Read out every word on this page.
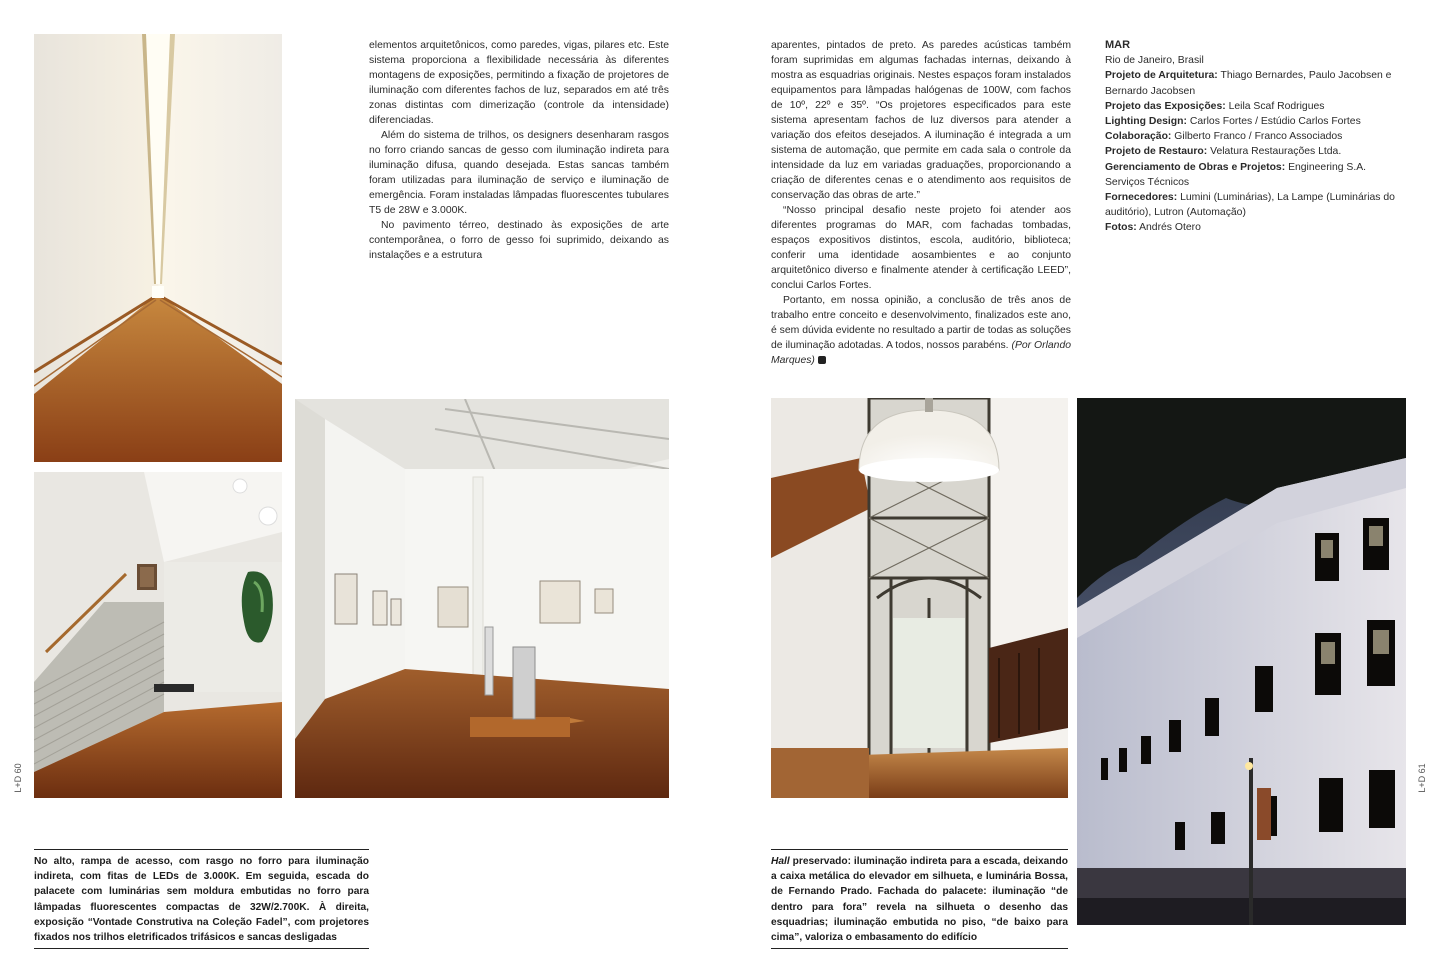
elementos arquitetônicos, como paredes, vigas, pilares etc. Este sistema proporciona a flexibilidade necessária às diferentes montagens de exposições, permitindo a fixação de projetores de iluminação com diferentes fachos de luz, separados em até três zonas distintas com dimerização (controle da intensidade) diferenciadas.

Além do sistema de trilhos, os designers desenharam rasgos no forro criando sancas de gesso com iluminação indireta para iluminação difusa, quando desejada. Estas sancas também foram utilizadas para iluminação de serviço e iluminação de emergência. Foram instaladas lâmpadas fluorescentes tubulares T5 de 28W e 3.000K.

No pavimento térreo, destinado às exposições de arte contemporânea, o forro de gesso foi suprimido, deixando as instalações e a estrutura

aparentes, pintados de preto. As paredes acústicas também foram suprimidas em algumas fachadas internas, deixando à mostra as esquadrias originais. Nestes espaços foram instalados equipamentos para lâmpadas halógenas de 100W, com fachos de 10º, 22º e 35º. “Os projetores especificados para este sistema apresentam fachos de luz diversos para atender a variação dos efeitos desejados. A iluminação é integrada a um sistema de automação, que permite em cada sala o controle da intensidade da luz em variadas graduações, proporcionando a criação de diferentes cenas e o atendimento aos requisitos de conservação das obras de arte.”

“Nosso principal desafio neste projeto foi atender aos diferentes programas do MAR, com fachadas tombadas, espaços expositivos distintos, escola, auditório, biblioteca; conferir uma identidade aosambientes e ao conjunto arquitetônico diverso e finalmente atender à certificação LEED”, conclui Carlos Fortes.

Portanto, em nossa opinião, a conclusão de três anos de trabalho entre conceito e desenvolvimento, finalizados este ano, é sem dúvida evidente no resultado a partir de todas as soluções de iluminação adotadas. A todos, nossos parabéns. (Por Orlando Marques)

MAR
Rio de Janeiro, Brasil
Projeto de Arquitetura: Thiago Bernardes, Paulo Jacobsen e Bernardo Jacobsen
Projeto das Exposições: Leila Scaf Rodrigues
Lighting Design: Carlos Fortes / Estúdio Carlos Fortes
Colaboração: Gilberto Franco / Franco Associados
Projeto de Restauro: Velatura Restaurações Ltda.
Gerenciamento de Obras e Projetos: Engineering S.A. Serviços Técnicos
Fornecedores: Lumini (Luminárias), La Lampe (Luminárias do auditório), Lutron (Automação)
Fotos: Andrés Otero
No alto, rampa de acesso, com rasgo no forro para iluminação indireta, com fitas de LEDs de 3.000K. Em seguida, escada do palacete com luminárias sem moldura embutidas no forro para lâmpadas fluorescentes compactas de 32W/2.700K. À direita, exposição “Vontade Construtiva na Coleção Fadel”, com projetores fixados nos trilhos eletrificados trifásicos e sancas desligadas
Hall preservado: iluminação indireta para a escada, deixando a caixa metálica do elevador em silhueta, e luminária Bossa, de Fernando Prado. Fachada do palacete: iluminação “de dentro para fora” revela na silhueta o desenho das esquadrias; iluminação embutida no piso, “de baixo para cima”, valoriza o embasamento do edifício
L+D 60	L+D 61
